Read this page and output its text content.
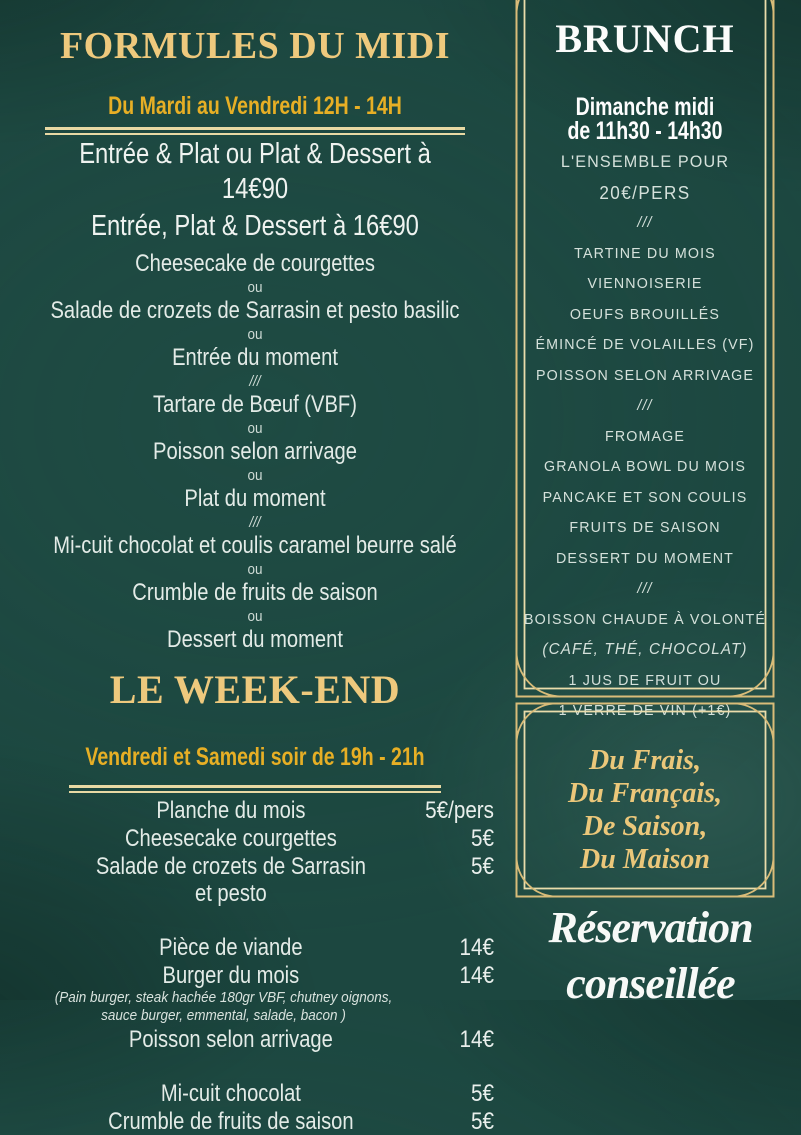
FORMULES DU MIDI
Du Mardi au Vendredi 12H - 14H
Entrée & Plat ou Plat & Dessert à 14€90
Entrée, Plat & Dessert à 16€90
Cheesecake de courgettes
ou
Salade de crozets de Sarrasin et pesto basilic
ou
Entrée du moment
///
Tartare de Bœuf (VBF)
ou
Poisson selon arrivage
ou
Plat du moment
///
Mi-cuit chocolat et coulis caramel beurre salé
ou
Crumble de fruits de saison
ou
Dessert du moment
LE WEEK-END
Vendredi et Samedi soir de 19h - 21h
Planche du mois	5€/pers
Cheesecake courgettes	5€
Salade de crozets de Sarrasin et pesto
5€
Pièce de viande	14€
Burger du mois	14€
(Pain burger, steak hachée 180gr VBF, chutney oignons,
sauce burger, emmental, salade, bacon )
Poisson selon arrivage	14€
Mi-cuit chocolat	5€
Crumble de fruits de saison	5€
BRUNCH
Dimanche midi
de 11h30 - 14h30
L'ENSEMBLE POUR
20€/PERS
///
TARTINE DU MOIS
VIENNOISERIE
OEUFS BROUILLÉS
ÉMINCÉ DE VOLAILLES (VF)
POISSON SELON ARRIVAGE
///
FROMAGE
GRANOLA BOWL DU MOIS
PANCAKE ET SON COULIS
FRUITS DE SAISON
DESSERT DU MOMENT
///
BOISSON CHAUDE À VOLONTÉ
(CAFÉ, THÉ, CHOCOLAT)
1 JUS DE FRUIT OU
1 VERRE DE VIN (+1€)
Du Frais,
Du Français,
De Saison,
Du Maison
Réservation
conseillée
